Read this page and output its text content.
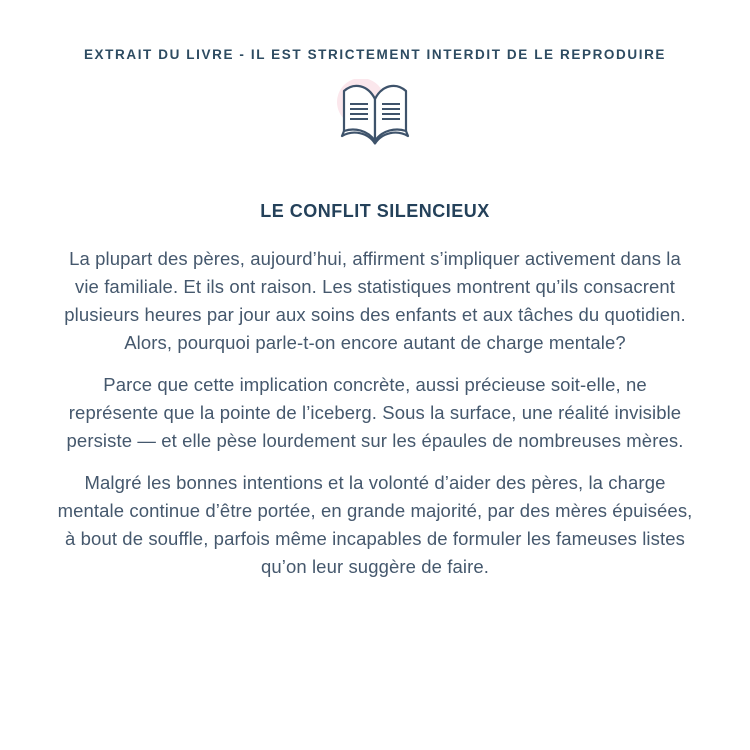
EXTRAIT DU LIVRE - IL EST STRICTEMENT INTERDIT DE LE REPRODUIRE
LE CONFLIT SILENCIEUX

La plupart des pères, aujourd’hui, affirment s’impliquer activement dans la vie familiale. Et ils ont raison. Les statistiques montrent qu’ils consacrent plusieurs heures par jour aux soins des enfants et aux tâches du quotidien. Alors, pourquoi parle-t-on encore autant de charge mentale?

Parce que cette implication concrète, aussi précieuse soit-elle, ne représente que la pointe de l’iceberg. Sous la surface, une réalité invisible persiste — et elle pèse lourdement sur les épaules de nombreuses mères.

Malgré les bonnes intentions et la volonté d’aider des pères, la charge mentale continue d’être portée, en grande majorité, par des mères épuisées, à bout de souffle, parfois même incapables de formuler les fameuses listes qu’on leur suggère de faire.
